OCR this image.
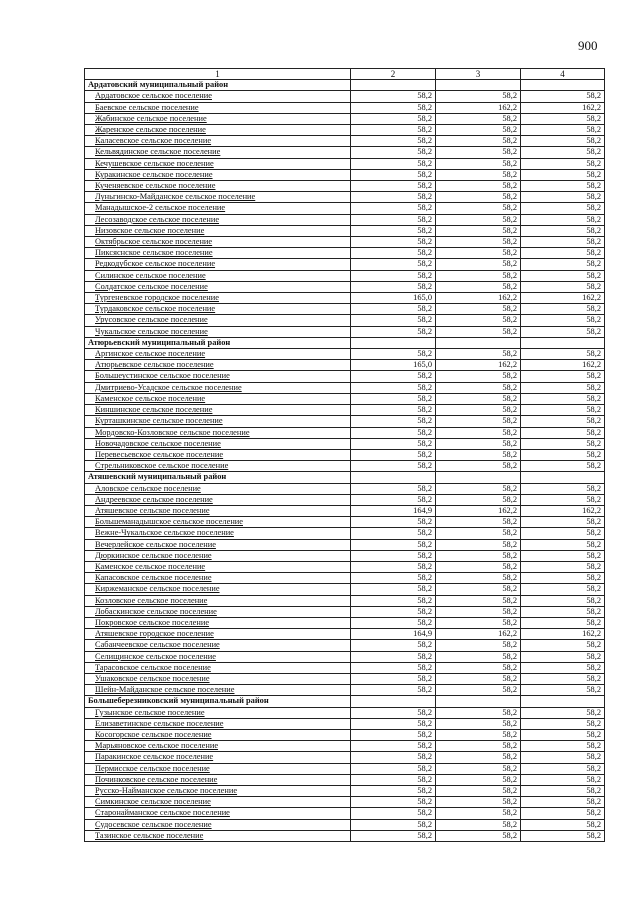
900
1	2	3	4
Ардатовский муниципальный район			
Ардатовское сельское поселение	58,2	58,2	58,2
Баевское сельское поселение	58,2	162,2	162,2
Жабинское сельское поселение	58,2	58,2	58,2
Жаренское сельское поселение	58,2	58,2	58,2
Каласевское сельское поселение	58,2	58,2	58,2
Кельвядинское сельское поселение	58,2	58,2	58,2
Кечушевское сельское поселение	58,2	58,2	58,2
Куракинское сельское поселение	58,2	58,2	58,2
Кученяевское сельское поселение	58,2	58,2	58,2
Луньгинско-Майданское сельское поселение	58,2	58,2	58,2
Манадышское-2 сельское поселение	58,2	58,2	58,2
Лесозаводское сельское поселение	58,2	58,2	58,2
Низовское сельское поселение	58,2	58,2	58,2
Октябрьское сельское поселение	58,2	58,2	58,2
Пиксяснское сельское поселение	58,2	58,2	58,2
Редкодубское сельское поселение	58,2	58,2	58,2
Силинское сельское поселение	58,2	58,2	58,2
Солдатское сельское поселение	58,2	58,2	58,2
Тургеневское городское поселение	165,0	162,2	162,2
Турдаковское сельское поселение	58,2	58,2	58,2
Урусовское сельское поселение	58,2	58,2	58,2
Чукальское сельское поселение	58,2	58,2	58,2
Атюрьевский муниципальный район			
Аргинское сельское поселение	58,2	58,2	58,2
Атюрьевское сельское поселение	165,0	162,2	162,2
Большеустинское сельское поселение	58,2	58,2	58,2
Дмитриево-Усадское сельское поселение	58,2	58,2	58,2
Каменское сельское поселение	58,2	58,2	58,2
Киншинское сельское поселение	58,2	58,2	58,2
Курташкинское сельское поселение	58,2	58,2	58,2
Мордовско-Козловское сельское поселение	58,2	58,2	58,2
Новочадовское сельское поселение	58,2	58,2	58,2
Перевесьевское сельское поселение	58,2	58,2	58,2
Стрельниковское сельское поселение	58,2	58,2	58,2
Атяшевский муниципальный район			
Аловское сельское поселение	58,2	58,2	58,2
Андреевское сельское поселение	58,2	58,2	58,2
Атяшевское сельское поселение	164,9	162,2	162,2
Большеманадышское сельское поселение	58,2	58,2	58,2
Вежне-Чукальское сельское поселение	58,2	58,2	58,2
Вечерлейское сельское поселение	58,2	58,2	58,2
Дюркинское сельское поселение	58,2	58,2	58,2
Каменское сельское поселение	58,2	58,2	58,2
Капасовское сельское поселение	58,2	58,2	58,2
Киржеманское сельское поселение	58,2	58,2	58,2
Козловское сельское поселение	58,2	58,2	58,2
Лобаскинское сельское поселение	58,2	58,2	58,2
Покровское сельское поселение	58,2	58,2	58,2
Атяшевское городское поселение	164,9	162,2	162,2
Сабанчеевское сельское поселение	58,2	58,2	58,2
Селищинское сельское поселение	58,2	58,2	58,2
Тарасовское сельское поселение	58,2	58,2	58,2
Ушаковское сельское поселение	58,2	58,2	58,2
Шейн-Майданское сельское поселение	58,2	58,2	58,2
Большеберезниковский муниципальный район			
Гузынское сельское поселение	58,2	58,2	58,2
Елизаветинское сельское поселение	58,2	58,2	58,2
Косогорское сельское поселение	58,2	58,2	58,2
Марьяновское сельское поселение	58,2	58,2	58,2
Паракинское сельское поселение	58,2	58,2	58,2
Пермисское сельское поселение	58,2	58,2	58,2
Починковское сельское поселение	58,2	58,2	58,2
Русско-Найманское сельское поселение	58,2	58,2	58,2
Симкинское сельское поселение	58,2	58,2	58,2
Старонайманское сельское поселение	58,2	58,2	58,2
Судосевское сельское поселение	58,2	58,2	58,2
Тазинское сельское поселение	58,2	58,2	58,2
